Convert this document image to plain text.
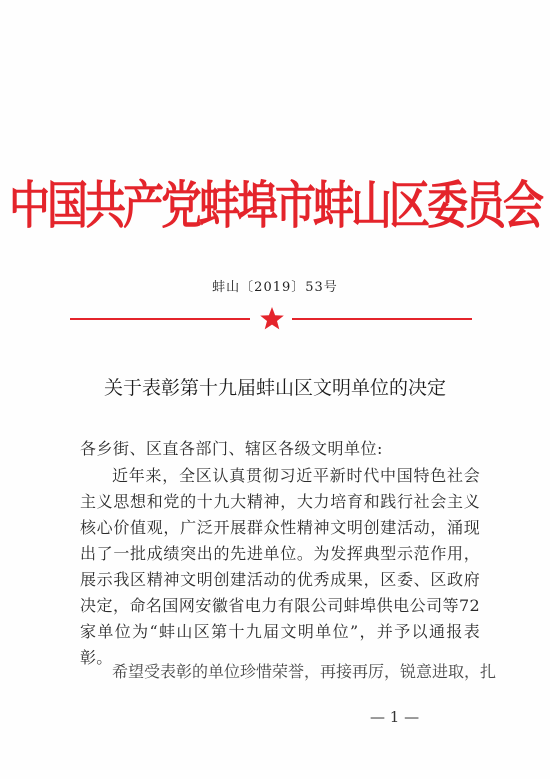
中国共产党蚌埠市蚌山区委员会
蚌山〔2019〕53号
关于表彰第十九届蚌山区文明单位的决定
各乡街、区直各部门、辖区各级文明单位:
近年来，全区认真贯彻习近平新时代中国特色社会主义思想和党的十九大精神，大力培育和践行社会主义核心价值观，广泛开展群众性精神文明创建活动，涌现出了一批成绩突出的先进单位。为发挥典型示范作用，展示我区精神文明创建活动的优秀成果，区委、区政府决定，命名国网安徽省电力有限公司蚌埠供电公司等72家单位为“蚌山区第十九届文明单位”，并予以通报表彰。
希望受表彰的单位珍惜荣誉，再接再厉，锐意进取，扎
— 1 —
